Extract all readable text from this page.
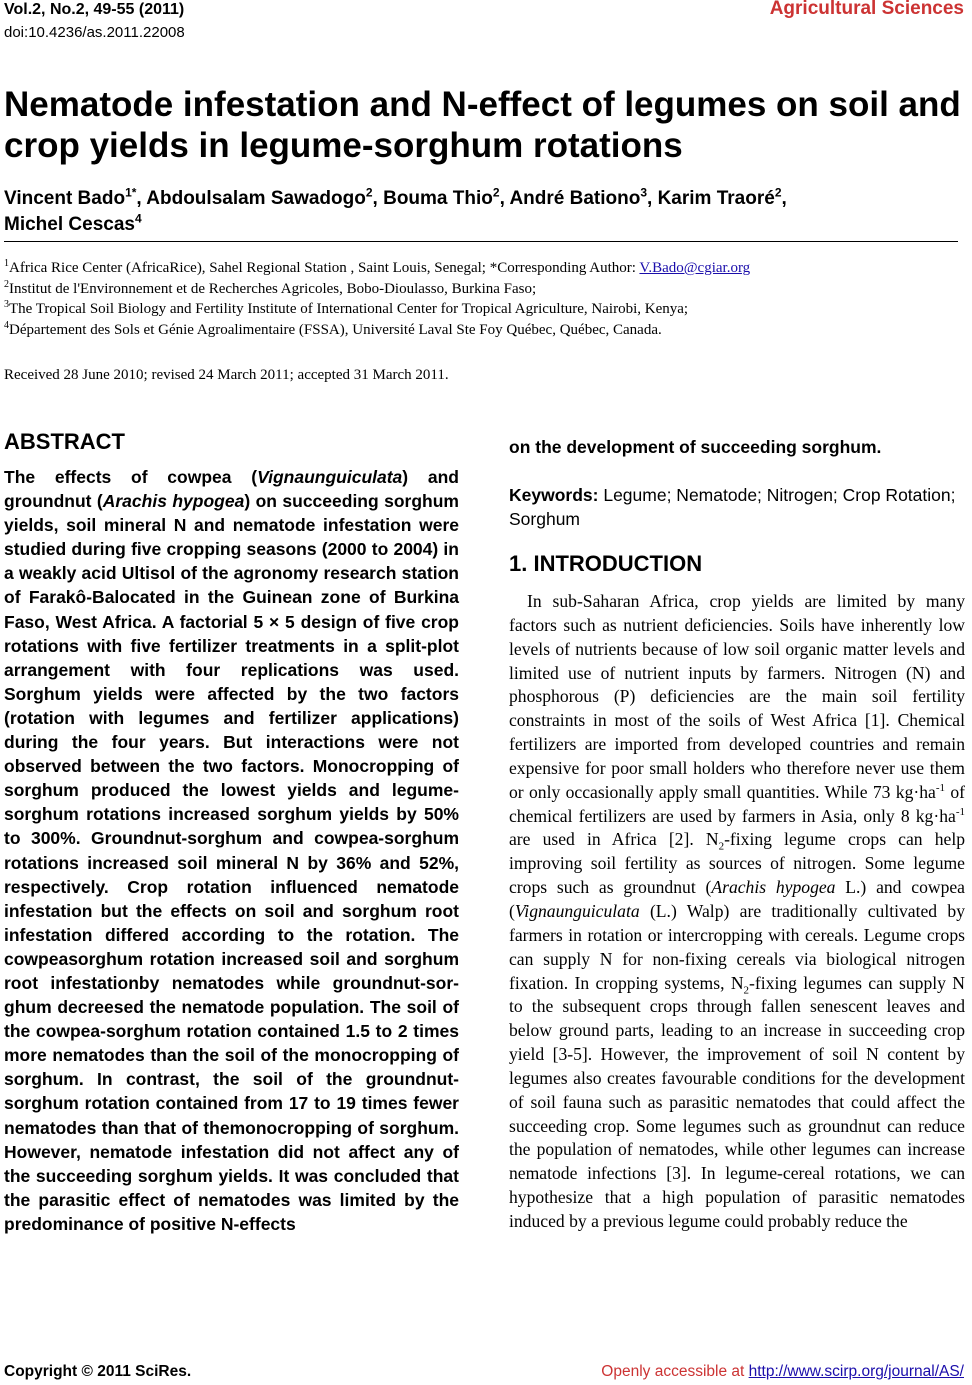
Vol.2, No.2, 49-55 (2011)
doi:10.4236/as.2011.22008
Agricultural Sciences
Nematode infestation and N-effect of legumes on soil and crop yields in legume-sorghum rotations
Vincent Bado$^{1*}$, Abdoulsalam Sawadogo$^2$, Bouma Thio$^2$, André Bationo$^3$, Karim Traoré$^2$,
Michel Cescas$^4$
$^1$Africa Rice Center (AfricaRice), Sahel Regional Station , Saint Louis, Senegal; *Corresponding Author: V.Bado@cgiar.org
$^2$Institut de l'Environnement et de Recherches Agricoles, Bobo-Dioulasso, Burkina Faso;
$^3$The Tropical Soil Biology and Fertility Institute of International Center for Tropical Agriculture, Nairobi, Kenya;
$^4$Département des Sols et Génie Agroalimentaire (FSSA), Université Laval Ste Foy Québec, Québec, Canada.
Received 28 June 2010; revised 24 March 2011; accepted 31 March 2011.
ABSTRACT

The effects of cowpea (Vignaunguiculata) and groundnut (Arachis hypogea) on succeeding sorghum yields, soil mineral N and nematode infestation were studied during five cropping seasons (2000 to 2004) in a weakly acid Ultisol of the agronomy research station of Farakô-Balocated in the Guinean zone of Burkina Faso, West Africa. A factorial 5 × 5 design of five crop rotations with five fertilizer treatments in a split-plot arrangement with four replications was used. Sorghum yields were affected by the two factors (rotation with legumes and fertilizer applications) during the four years. But interactions were not observed between the two factors. Monocropping of sorghum produced the lowest yields and legume-sorghum rotations increased sorghum yields by 50% to 300%. Groundnut-sorghum and cowpea-sorghum rotations increased soil mineral N by 36% and 52%, respectively. Crop rotation influenced nematode infestation but the effects on soil and sorghum root infestation differed according to the rotation. The cowpeasorghum rotation increased soil and sorghum root infestationby nematodes while groundnut-sorghum decreesed the nematode population. The soil of the cowpea-sorghum rotation contained 1.5 to 2 times more nematodes than the soil of the monocropping of sorghum. In contrast, the soil of the groundnut-sorghum rotation contained from 17 to 19 times fewer nematodes than that of themonocropping of sorghum. However, nematode infestation did not affect any of the succeeding sorghum yields. It was concluded that the parasitic effect of nematodes was limited by the predominance of positive N-effects

on the development of succeeding sorghum.

Keywords: Legume; Nematode; Nitrogen; Crop Rotation; Sorghum
1. INTRODUCTION

In sub-Saharan Africa, crop yields are limited by many factors such as nutrient deficiencies. Soils have inherently low levels of nutrients because of low soil organic matter levels and limited use of nutrient inputs by farmers. Nitrogen (N) and phosphorous (P) deficiencies are the main soil fertility constraints in most of the soils of West Africa [1]. Chemical fertilizers are imported from developed countries and remain expensive for poor small holders who therefore never use them or only occasionally apply small quantities. While 73 $kg\cdot ha^{-1}$ of chemical fertilizers are used by farmers in Asia, only 8 $kg\cdot ha^{-1}$ are used in Africa [2]. $N_2$-fixing legume crops can help improving soil fertility as sources of nitrogen. Some legume crops such as groundnut (Arachis hypogea L.) and cowpea (Vignaunguiculata (L.) Walp) are traditionally cultivated by farmers in rotation or intercropping with cereals. Legume crops can supply N for non-fixing cereals via biological nitrogen fixation. In cropping systems, $N_2$-fixing legumes can supply N to the subsequent crops through fallen senescent leaves and below ground parts, leading to an increase in succeeding crop yield [3-5]. However, the improvement of soil N content by legumes also creates favourable conditions for the development of soil fauna such as parasitic nematodes that could affect the succeeding crop. Some legumes such as groundnut can reduce the population of nematodes, while other legumes can increase nematode infections [3]. In legume-cereal rotations, we can hypothesize that a high population of parasitic nematodes induced by a previous legume could probably reduce the

Copyright © 2011 SciRes.	Openly accessible at http://www.scirp.org/journal/AS/
